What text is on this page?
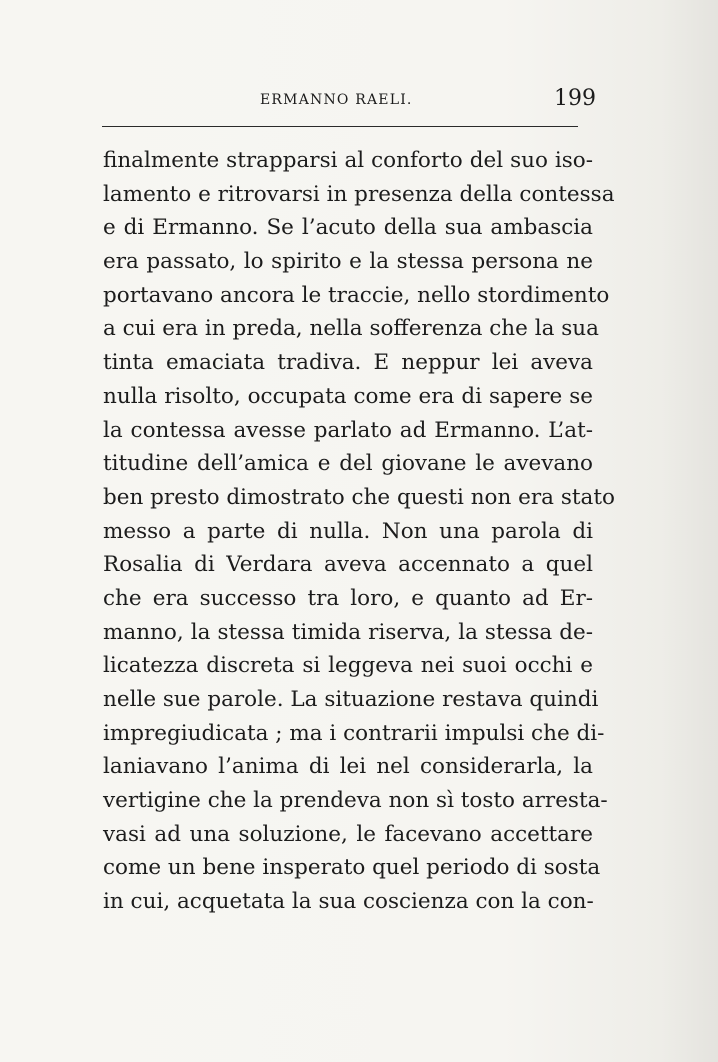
ERMANNO RAELI.	199
finalmente strapparsi al conforto del suo iso-
lamento e ritrovarsi in presenza della contessa
e di Ermanno. Se l’acuto della sua ambascia
era passato, lo spirito e la stessa persona ne
portavano ancora le traccie, nello stordimento
a cui era in preda, nella sofferenza che la sua
tinta emaciata tradiva. E neppur lei aveva
nulla risolto, occupata come era di sapere se
la contessa avesse parlato ad Ermanno. L’at-
titudine dell’amica e del giovane le avevano
ben presto dimostrato che questi non era stato
messo a parte di nulla. Non una parola di
Rosalia di Verdara aveva accennato a quel
che era successo tra loro, e quanto ad Er-
manno, la stessa timida riserva, la stessa de-
licatezza discreta si leggeva nei suoi occhi e
nelle sue parole. La situazione restava quindi
impregiudicata ; ma i contrarii impulsi che di-
laniavano l’anima di lei nel considerarla, la
vertigine che la prendeva non sì tosto arresta-
vasi ad una soluzione, le facevano accettare
come un bene insperato quel periodo di sosta
in cui, acquetata la sua coscienza con la con-
